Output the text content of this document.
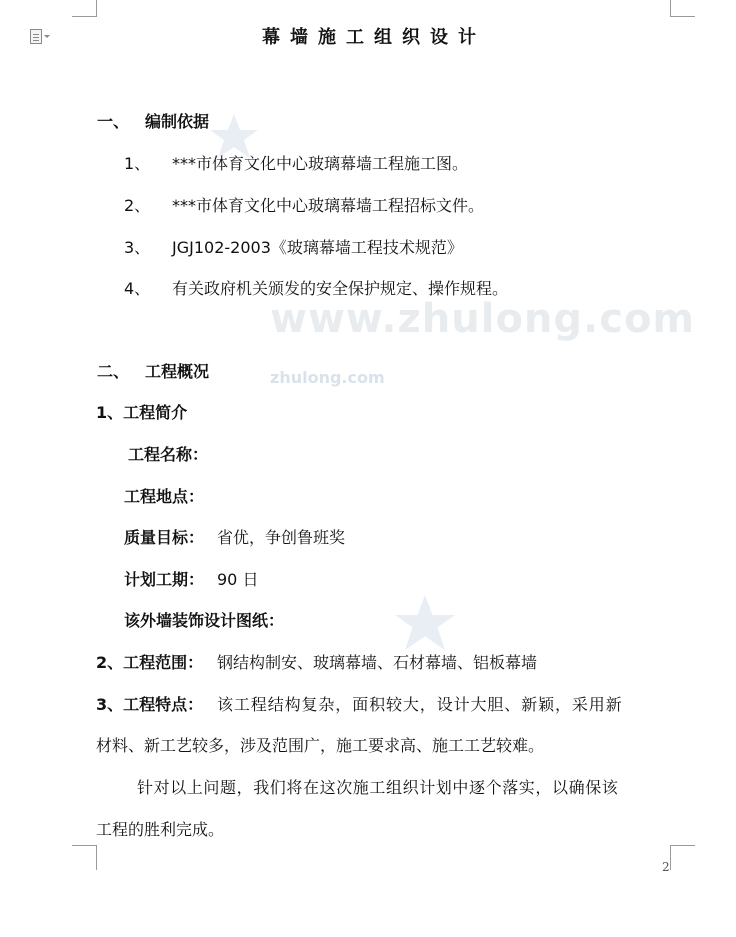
www.zhulong.com
zhulong.com
幕墙施工组织设计
一、 编制依据
1、 ***市体育文化中心玻璃幕墙工程施工图。
2、 ***市体育文化中心玻璃幕墙工程招标文件。
3、 JGJ102-2003《玻璃幕墙工程技术规范》
4、 有关政府机关颁发的安全保护规定、操作规程。
二、 工程概况
1、工程简介
工程名称：
工程地点：
质量目标： 省优，争创鲁班奖
计划工期： 90 日
该外墙装饰设计图纸：
2、工程范围： 钢结构制安、玻璃幕墙、石材幕墙、铝板幕墙
3、工程特点： 该工程结构复杂，面积较大，设计大胆、新颖，采用新
材料、新工艺较多，涉及范围广，施工要求高、施工工艺较难。
针对以上问题，我们将在这次施工组织计划中逐个落实，以确保该
工程的胜利完成。
2
